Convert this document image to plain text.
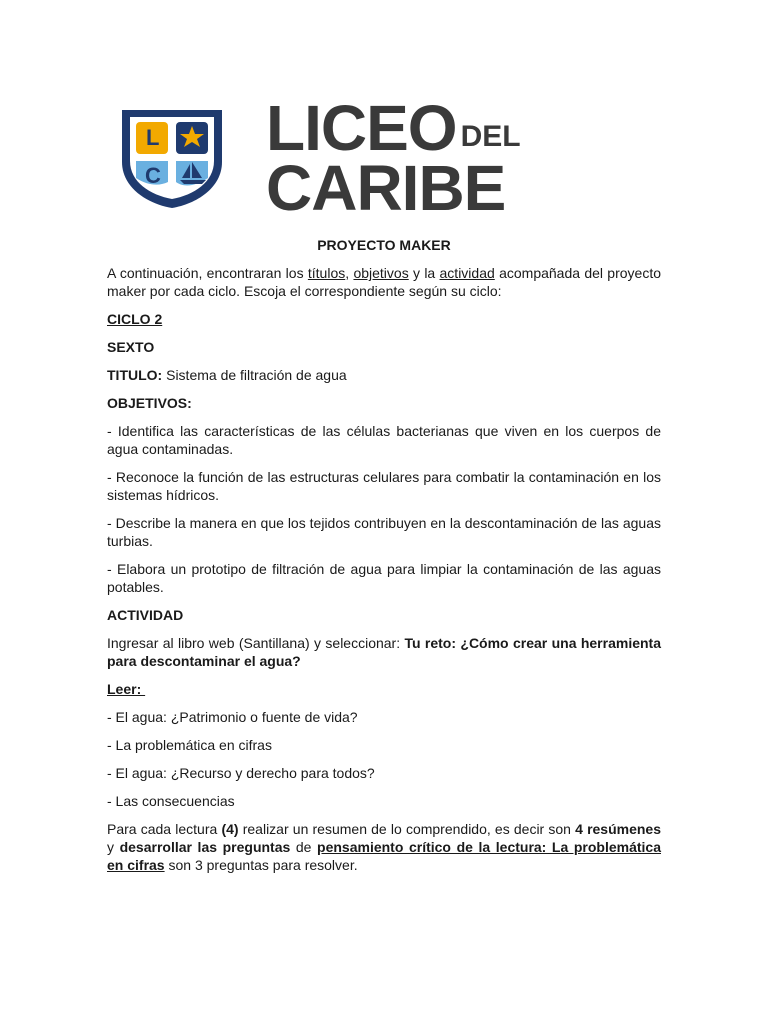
L
C
LICEO DEL
CARIBE

PROYECTO MAKER

A continuación, encontraran los títulos, objetivos y la actividad acompañada del proyecto maker por cada ciclo. Escoja el correspondiente según su ciclo:

CICLO 2

SEXTO

TITULO: Sistema de filtración de agua

OBJETIVOS:

- Identifica las características de las células bacterianas que viven en los cuerpos de agua contaminadas.

- Reconoce la función de las estructuras celulares para combatir la contaminación en los sistemas hídricos.

- Describe la manera en que los tejidos contribuyen en la descontaminación de las aguas turbias.

- Elabora un prototipo de filtración de agua para limpiar la contaminación de las aguas potables.

ACTIVIDAD

Ingresar al libro web (Santillana) y seleccionar: Tu reto: ¿Cómo crear una herramienta para descontaminar el agua?

Leer:

- El agua: ¿Patrimonio o fuente de vida?

- La problemática en cifras

- El agua: ¿Recurso y derecho para todos?

- Las consecuencias

Para cada lectura (4) realizar un resumen de lo comprendido, es decir son 4 resúmenes y desarrollar las preguntas de pensamiento crítico de la lectura: La problemática en cifras son 3 preguntas para resolver.
